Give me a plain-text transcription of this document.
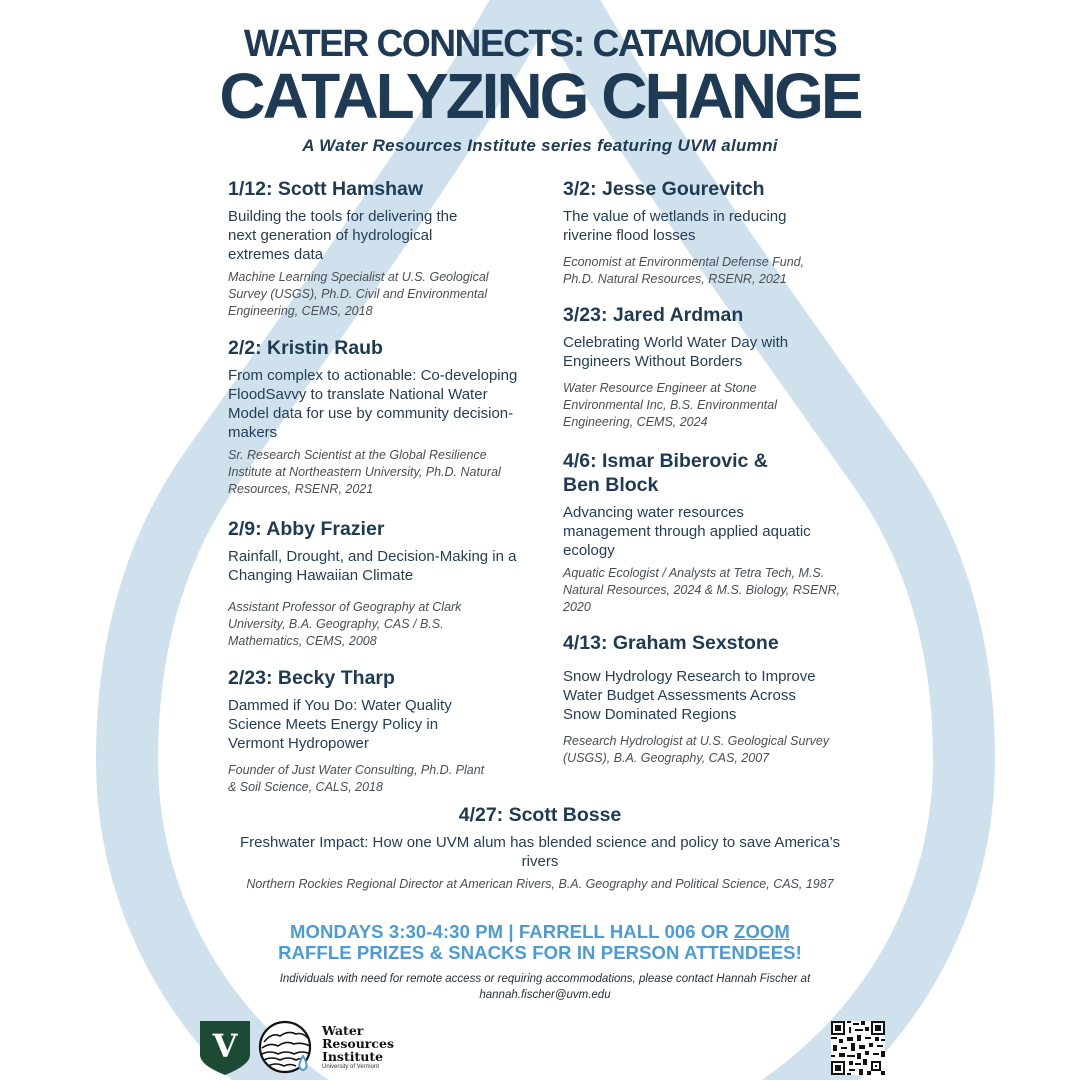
WATER CONNECTS: CATAMOUNTS
CATALYZING CHANGE
A Water Resources Institute series featuring UVM alumni

1/12: Scott Hamshaw

Building the tools for delivering the next generation of hydrological extremes data

Machine Learning Specialist at U.S. Geological Survey (USGS), Ph.D. Civil and Environmental Engineering, CEMS, 2018

2/2: Kristin Raub

From complex to actionable: Co-developing FloodSavvy to translate National Water Model data for use by community decision-makers

Sr. Research Scientist at the Global Resilience Institute at Northeastern University, Ph.D. Natural Resources, RSENR, 2021

2/9: Abby Frazier

Rainfall, Drought, and Decision-Making in a Changing Hawaiian Climate

Assistant Professor of Geography at Clark University, B.A. Geography, CAS / B.S. Mathematics, CEMS, 2008

2/23: Becky Tharp

Dammed if You Do: Water Quality Science Meets Energy Policy in Vermont Hydropower

Founder of Just Water Consulting, Ph.D. Plant & Soil Science, CALS, 2018

3/2: Jesse Gourevitch

The value of wetlands in reducing riverine flood losses

Economist at Environmental Defense Fund, Ph.D. Natural Resources, RSENR, 2021

3/23: Jared Ardman

Celebrating World Water Day with Engineers Without Borders

Water Resource Engineer at Stone Environmental Inc, B.S. Environmental Engineering, CEMS, 2024

4/6: Ismar Biberovic & Ben Block

Advancing water resources management through applied aquatic ecology

Aquatic Ecologist / Analysts at Tetra Tech, M.S. Natural Resources, 2024 & M.S. Biology, RSENR, 2020

4/13: Graham Sexstone

Snow Hydrology Research to Improve Water Budget Assessments Across Snow Dominated Regions

Research Hydrologist at U.S. Geological Survey (USGS), B.A. Geography, CAS, 2007

4/27: Scott Bosse

Freshwater Impact: How one UVM alum has blended science and policy to save America’s rivers

Northern Rockies Regional Director at American Rivers, B.A. Geography and Political Science, CAS, 1987

MONDAYS 3:30-4:30 PM | FARRELL HALL 006 OR ZOOM
RAFFLE PRIZES & SNACKS FOR IN PERSON ATTENDEES!
Individuals with need for remote access or requiring accommodations, please contact Hannah Fischer at
hannah.fischer@uvm.edu
V	Water
Resources
Institute
University of Vermont
